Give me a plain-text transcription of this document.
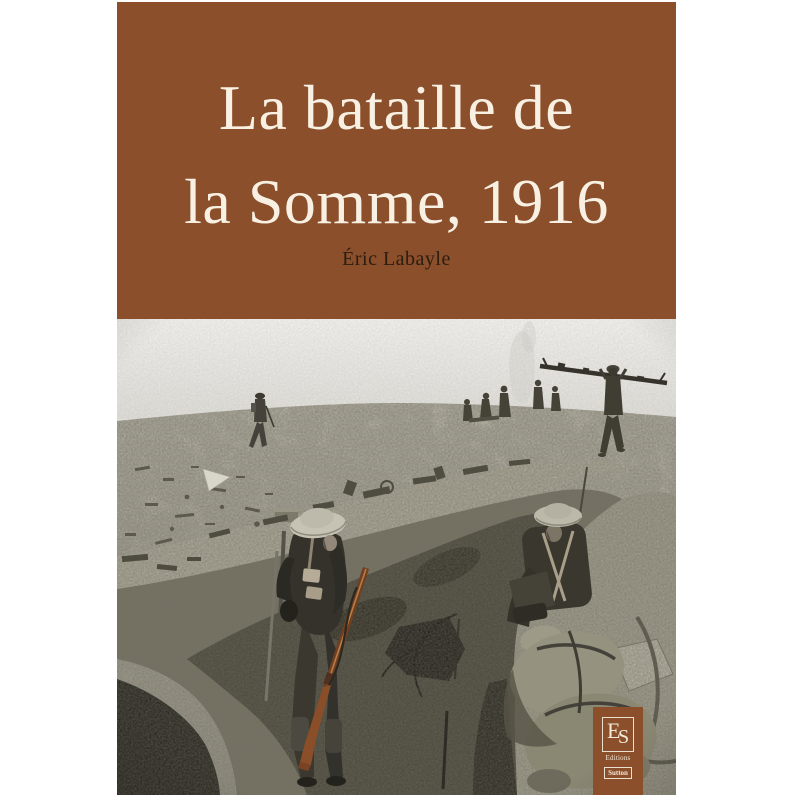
La bataille de
la Somme, 1916
Éric Labayle
E
S
Editions
Sutton
